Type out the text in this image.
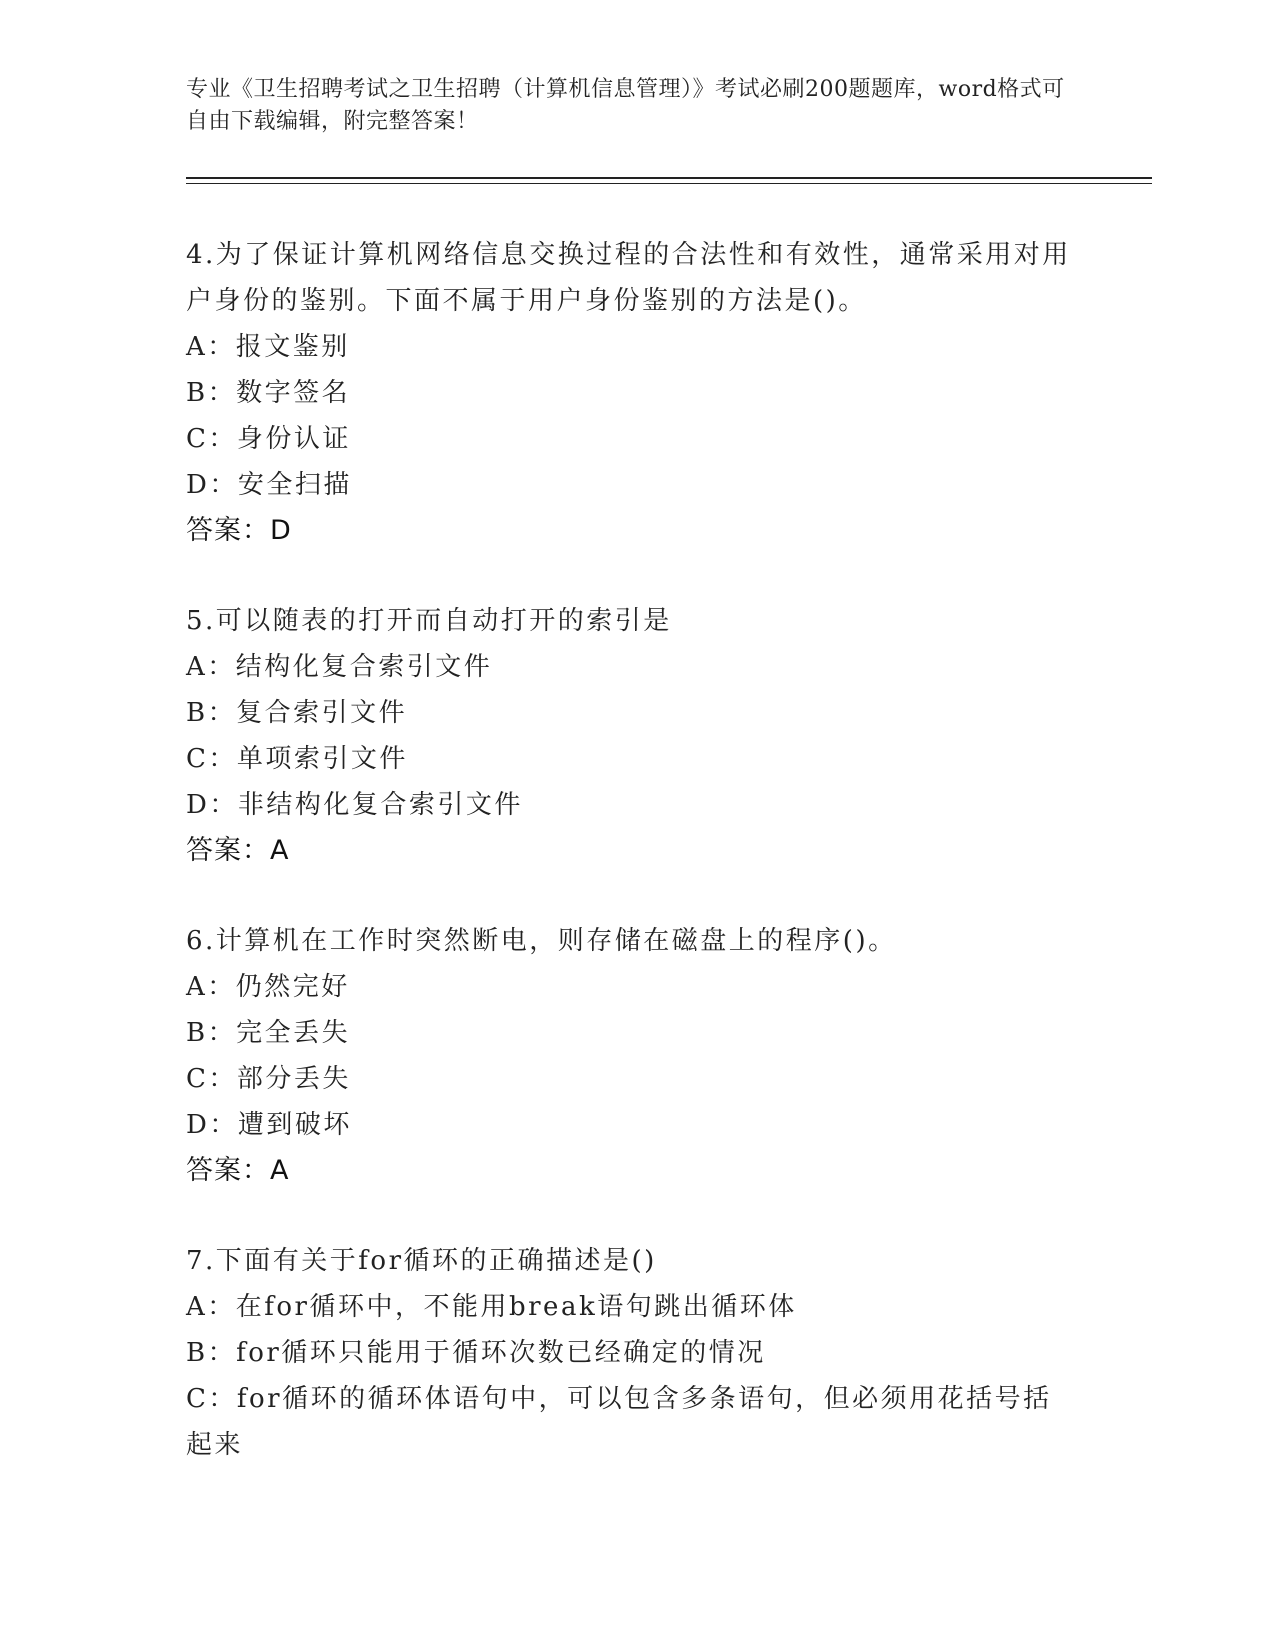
专业《卫生招聘考试之卫生招聘（计算机信息管理）》考试必刷200题题库，word格式可自由下载编辑，附完整答案！

4.为了保证计算机网络信息交换过程的合法性和有效性，通常采用对用户身份的鉴别。下面不属于用户身份鉴别的方法是()。

A：报文鉴别

B：数字签名

C：身份认证

D：安全扫描

答案：D

5.可以随表的打开而自动打开的索引是

A：结构化复合索引文件

B：复合索引文件

C：单项索引文件

D：非结构化复合索引文件

答案：A

6.计算机在工作时突然断电，则存储在磁盘上的程序()。

A：仍然完好

B：完全丢失

C：部分丢失

D：遭到破坏

答案：A

7.下面有关于for循环的正确描述是()

A：在for循环中，不能用break语句跳出循环体

B：for循环只能用于循环次数已经确定的情况

C：for循环的循环体语句中，可以包含多条语句，但必须用花括号括起来
